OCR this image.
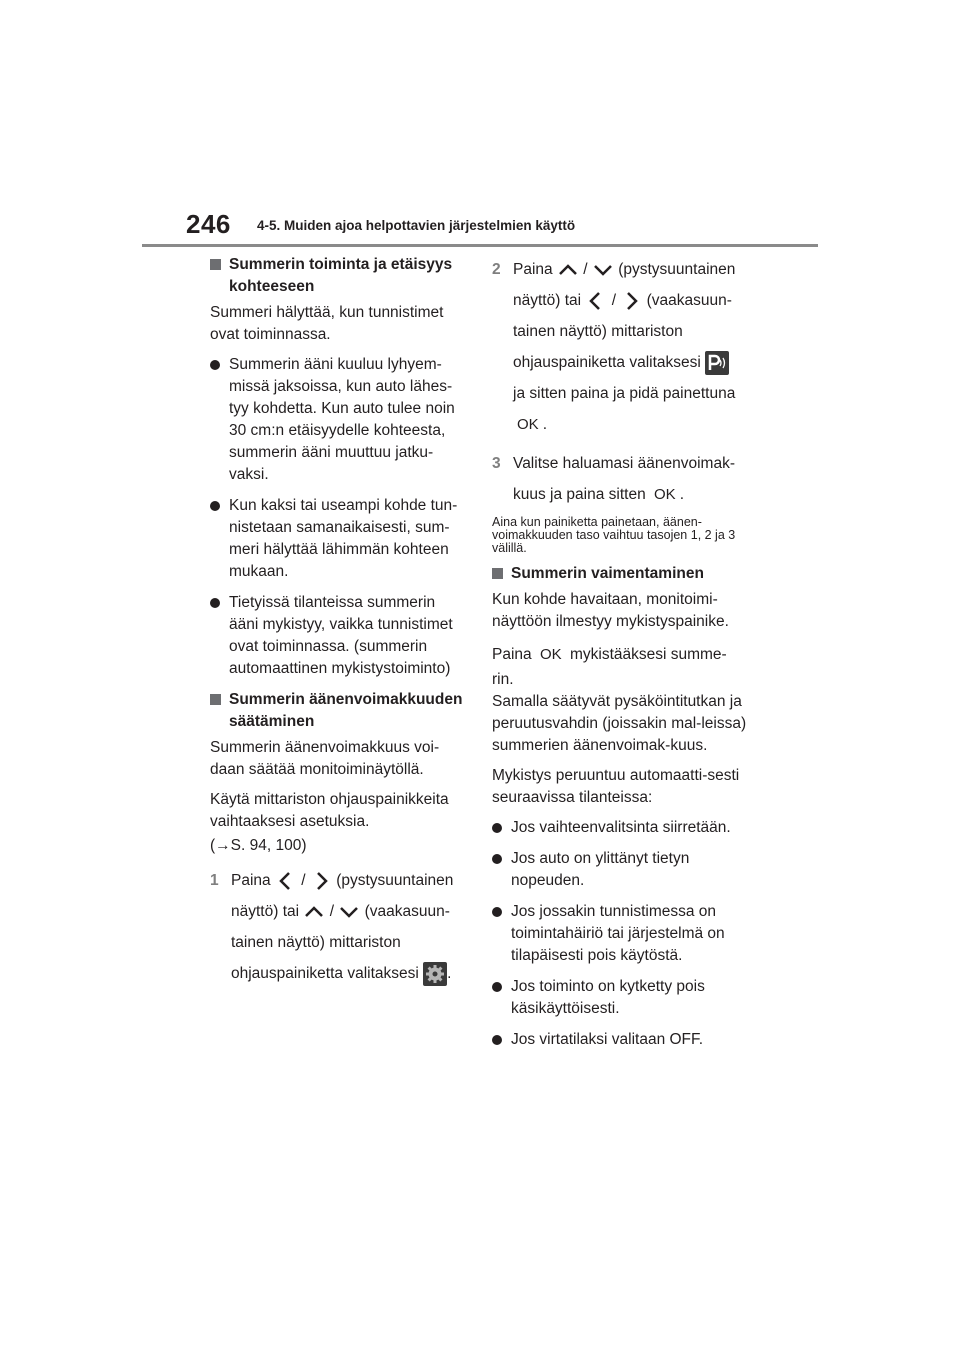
246 4-5. Muiden ajoa helpottavien järjestelmien käyttö
Summerin toiminta ja etäisyys kohteeseen

Summeri hälyttää, kun tunnistimet ovat toiminnassa.

Summerin ääni kuuluu lyhyem-missä jaksoissa, kun auto lähes-tyy kohdetta. Kun auto tulee noin 30 cm:n etäisyydelle kohteesta, summerin ääni muuttuu jatku-vaksi.
Kun kaksi tai useampi kohde tun-nistetaan samanaikaisesti, sum-meri hälyttää lähimmän kohteen mukaan.
Tietyissä tilanteissa summerin ääni mykistyy, vaikka tunnistimet ovat toiminnassa. (summerin automaattinen mykistystoiminto)
Summerin äänenvoimakkuuden säätäminen

Summerin äänenvoimakkuus voi-daan säätää monitoiminäytöllä.

Käytä mittariston ohjauspainikkeita vaihtaaksesi asetuksia.

(→S. 94, 100)

1 Paina / (pystysuuntainen
näyttö) tai / (vaakasuun-
tainen näyttö) mittariston
ohjauspainiketta valitaksesi .
2 Paina / (pystysuuntainen
näyttö) tai / (vaakasuun-
tainen näyttö) mittariston
ohjauspainiketta valitaksesi
ja sitten paina ja pidä painettuna
OK .
3 Valitse haluamasi äänenvoimak-
kuus ja paina sitten OK .

Aina kun painiketta painetaan, äänen-voimakkuuden taso vaihtuu tasojen 1, 2 ja 3 välillä.

Summerin vaimentaminen

Kun kohde havaitaan, monitoimi-näyttöön ilmestyy mykistyspainike.

Paina OK mykistääksesi summe-

rin.

Samalla säätyvät pysäköintitutkan ja peruutusvahdin (joissakin mal-leissa) summerien äänenvoimak-kuus.

Mykistys peruuntuu automaatti-sesti seuraavissa tilanteissa:

Jos vaihteenvalitsinta siirretään.
Jos auto on ylittänyt tietyn nopeuden.
Jos jossakin tunnistimessa on toimintahäiriö tai järjestelmä on tilapäisesti pois käytöstä.
Jos toiminto on kytketty pois käsikäyttöisesti.
Jos virtatilaksi valitaan OFF.
